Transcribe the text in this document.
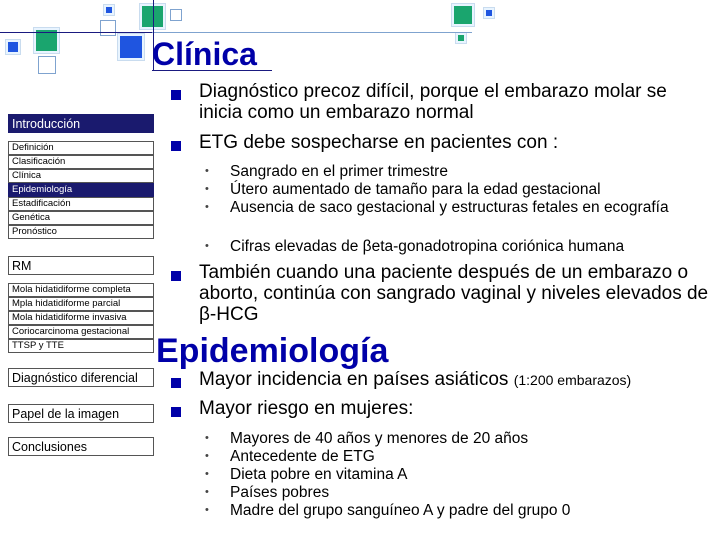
Clínica
Epidemiología
Introducción
Definición
Clasificación
Clínica
Epidemiología
Estadificación
Genética
Pronóstico
RM
Mola hidatidiforme completa
Mpla hidatidiforme parcial
Mola hidatidiforme invasiva
Coriocarcinoma gestacional
TTSP y TTE
Diagnóstico diferencial
Papel de la imagen
Conclusiones
Diagnóstico precoz difícil, porque el embarazo molar se inicia como un embarazo normal
ETG debe sospecharse en pacientes con :
• Sangrado en el primer trimestre
• Útero aumentado de tamaño para la edad gestacional
• Ausencia de saco gestacional y estructuras fetales en ecografía
• Cifras elevadas de βeta-gonadotropina coriónica humana
También cuando una paciente después de un embarazo o aborto, continúa con sangrado vaginal y niveles elevados de β-HCG
Mayor incidencia en países asiáticos (1:200 embarazos)
Mayor riesgo en mujeres:
• Mayores de 40 años y menores de 20 años
• Antecedente de ETG
• Dieta pobre en vitamina A
• Países pobres
• Madre del grupo sanguíneo A y padre del grupo 0
